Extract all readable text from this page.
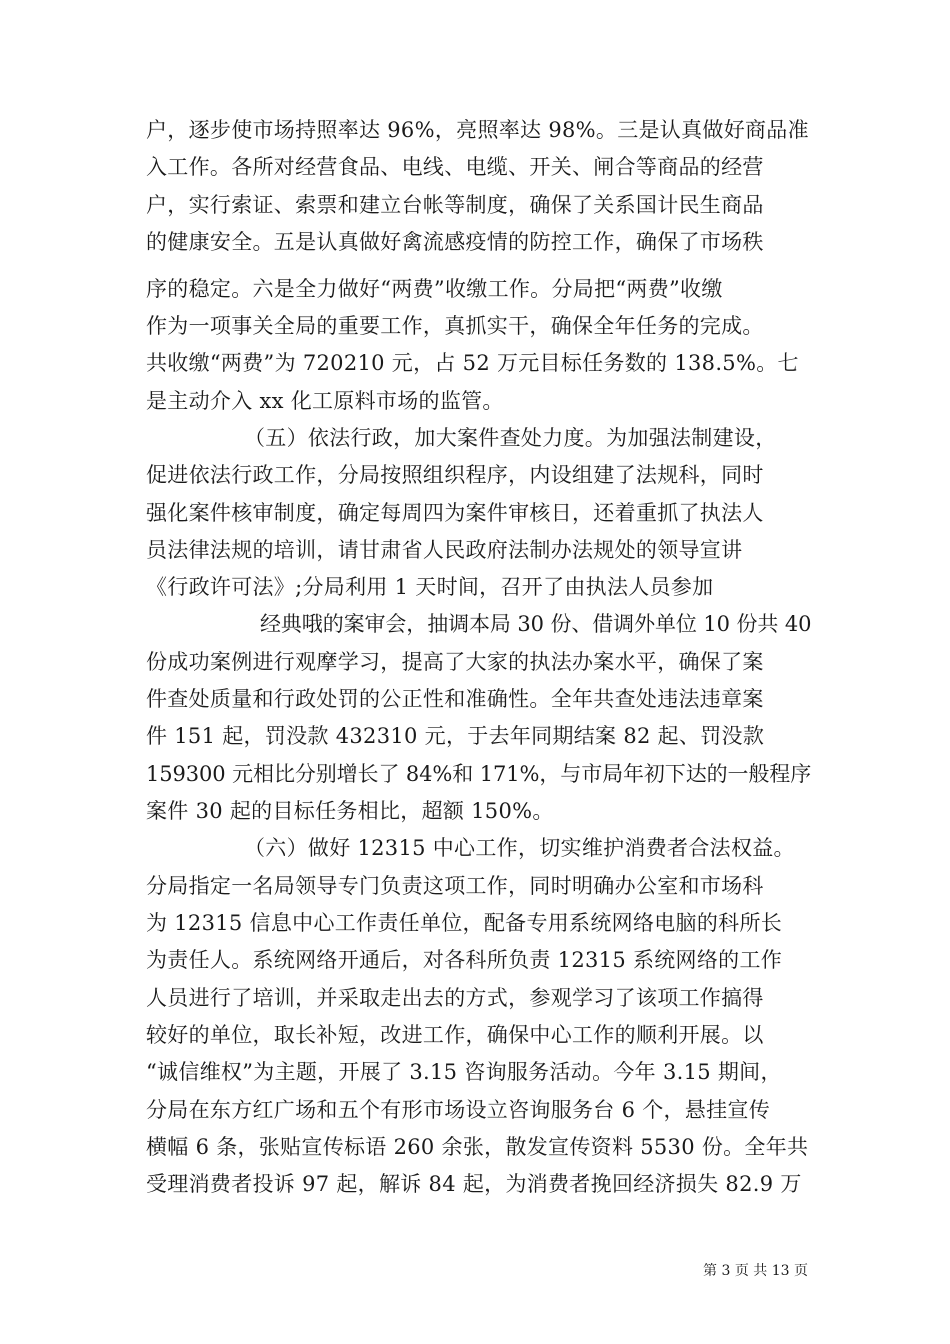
户，逐步使市场持照率达 96%，亮照率达 98%。三是认真做好商品准
入工作。各所对经营食品、电线、电缆、开关、闸合等商品的经营
户，实行索证、索票和建立台帐等制度，确保了关系国计民生商品
的健康安全。五是认真做好禽流感疫情的防控工作，确保了市场秩
序的稳定。六是全力做好“两费”收缴工作。分局把“两费”收缴
作为一项事关全局的重要工作，真抓实干，确保全年任务的完成。
共收缴“两费”为 720210 元，占 52 万元目标任务数的 138.5%。七
是主动介入 xx 化工原料市场的监管。
（五）依法行政，加大案件查处力度。为加强法制建设，
促进依法行政工作，分局按照组织程序，内设组建了法规科，同时
强化案件核审制度，确定每周四为案件审核日，还着重抓了执法人
员法律法规的培训，请甘肃省人民政府法制办法规处的领导宣讲
《行政许可法》;分局利用 1 天时间，召开了由执法人员参加
经典哦的案审会，抽调本局 30 份、借调外单位 10 份共 40
份成功案例进行观摩学习，提高了大家的执法办案水平，确保了案
件查处质量和行政处罚的公正性和准确性。全年共查处违法违章案
件 151 起，罚没款 432310 元，于去年同期结案 82 起、罚没款
159300 元相比分别增长了 84%和 171%，与市局年初下达的一般程序
案件 30 起的目标任务相比，超额 150%。
（六）做好 12315 中心工作，切实维护消费者合法权益。
分局指定一名局领导专门负责这项工作，同时明确办公室和市场科
为 12315 信息中心工作责任单位，配备专用系统网络电脑的科所长
为责任人。系统网络开通后，对各科所负责 12315 系统网络的工作
人员进行了培训，并采取走出去的方式，参观学习了该项工作搞得
较好的单位，取长补短，改进工作，确保中心工作的顺利开展。以
“诚信维权”为主题，开展了 3.15 咨询服务活动。今年 3.15 期间，
分局在东方红广场和五个有形市场设立咨询服务台 6 个，悬挂宣传
横幅 6 条，张贴宣传标语 260 余张，散发宣传资料 5530 份。全年共
受理消费者投诉 97 起，解诉 84 起，为消费者挽回经济损失 82.9 万
第 3 页 共 13 页
